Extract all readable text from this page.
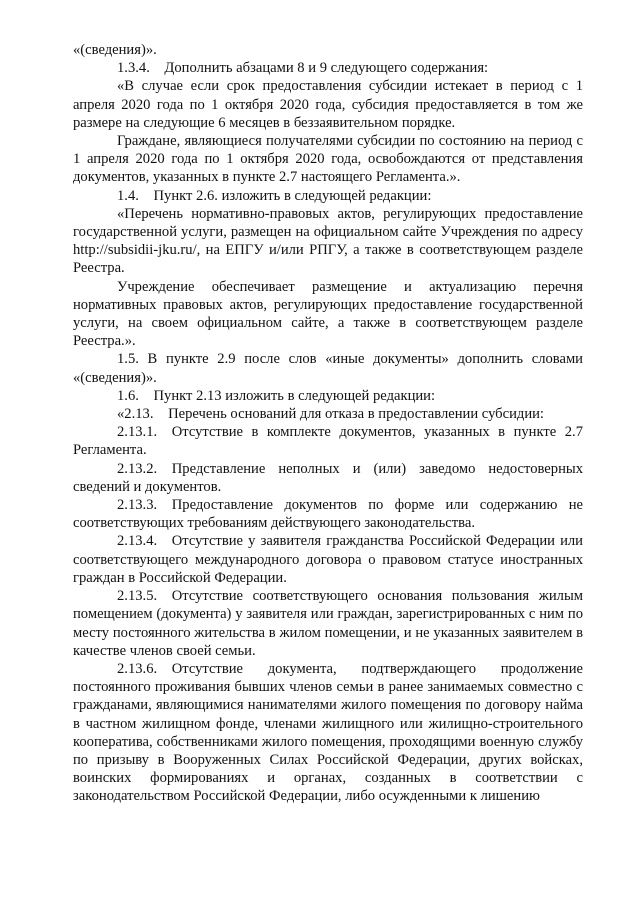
«(сведения)».

1.3.4. Дополнить абзацами 8 и 9 следующего содержания:

«В случае если срок предоставления субсидии истекает в период с 1 апреля 2020 года по 1 октября 2020 года, субсидия предоставляется в том же размере на следующие 6 месяцев в беззаявительном порядке.

Граждане, являющиеся получателями субсидии по состоянию на период с 1 апреля 2020 года по 1 октября 2020 года, освобождаются от представления документов, указанных в пункте 2.7 настоящего Регламента.».

1.4. Пункт 2.6. изложить в следующей редакции:

«Перечень нормативно-правовых актов, регулирующих предоставление государственной услуги, размещен на официальном сайте Учреждения по адресу http://subsidii-jku.ru/, на ЕПГУ и/или РПГУ, а также в соответствующем разделе Реестра.

Учреждение обеспечивает размещение и актуализацию перечня нормативных правовых актов, регулирующих предоставление государственной услуги, на своем официальном сайте, а также в соответствующем разделе Реестра.».

1.5. В пункте 2.9 после слов «иные документы» дополнить словами «(сведения)».

1.6. Пункт 2.13 изложить в следующей редакции:

«2.13. Перечень оснований для отказа в предоставлении субсидии:

2.13.1. Отсутствие в комплекте документов, указанных в пункте 2.7 Регламента.

2.13.2. Представление неполных и (или) заведомо недостоверных сведений и документов.

2.13.3. Предоставление документов по форме или содержанию не соответствующих требованиям действующего законодательства.

2.13.4. Отсутствие у заявителя гражданства Российской Федерации или соответствующего международного договора о правовом статусе иностранных граждан в Российской Федерации.

2.13.5. Отсутствие соответствующего основания пользования жилым помещением (документа) у заявителя или граждан, зарегистрированных с ним по месту постоянного жительства в жилом помещении, и не указанных заявителем в качестве членов своей семьи.

2.13.6. Отсутствие документа, подтверждающего продолжение постоянного проживания бывших членов семьи в ранее занимаемых совместно с гражданами, являющимися нанимателями жилого помещения по договору найма в частном жилищном фонде, членами жилищного или жилищно-строительного кооператива, собственниками жилого помещения, проходящими военную службу по призыву в Вооруженных Силах Российской Федерации, других войсках, воинских формированиях и органах, созданных в соответствии с законодательством Российской Федерации, либо осужденными к лишению
